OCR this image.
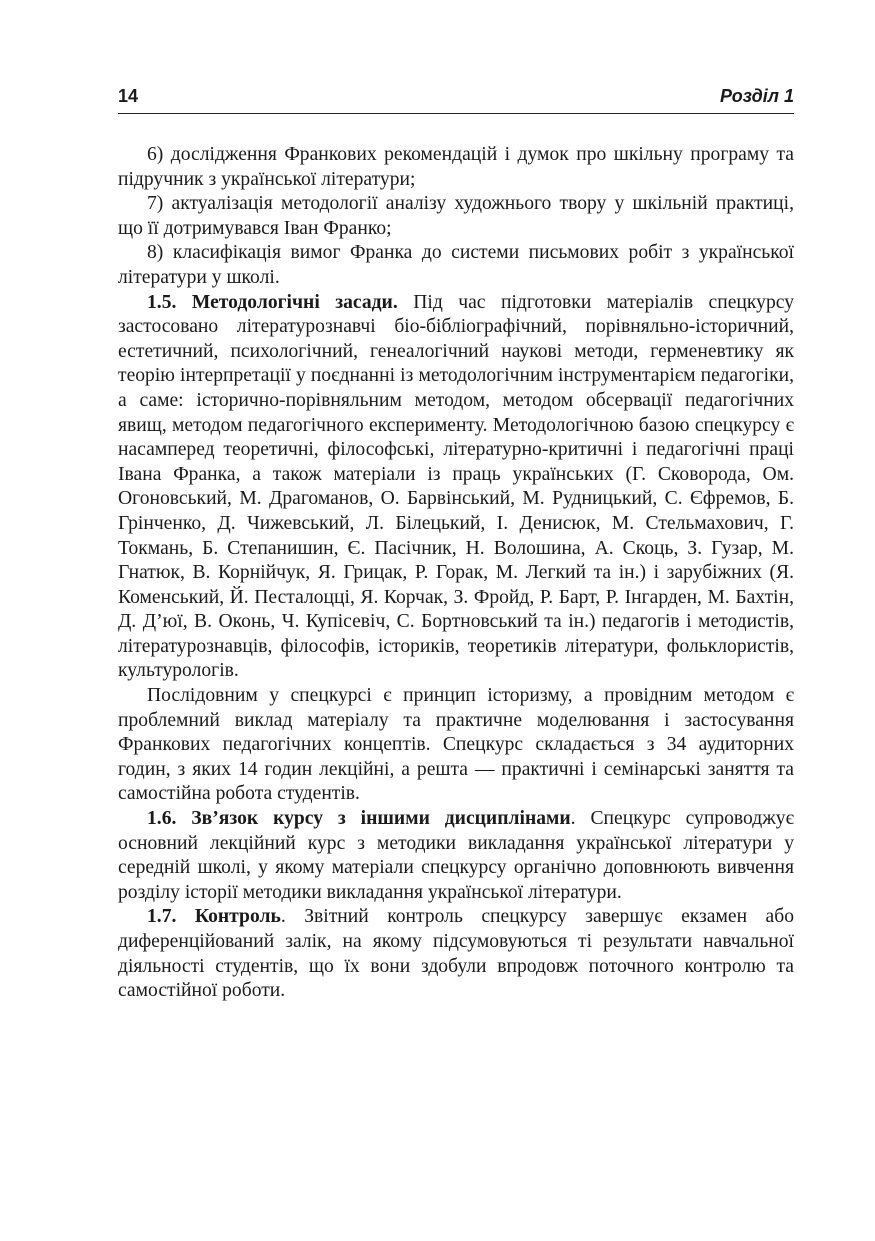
14	Розділ 1

6) дослідження Франкових рекомендацій і думок про шкільну програму та підручник з української літератури;

7) актуалізація методології аналізу художнього твору у шкільній практиці, що її дотримувався Іван Франко;

8) класифікація вимог Франка до системи письмових робіт з української літератури у школі.

1.5. Методологічні засади. Під час підготовки матеріалів спецкурсу застосовано літературознавчі біо-бібліографічний, порівняльно-історичний, естетичний, психологічний, генеалогічний наукові методи, герменевтику як теорію інтерпретації у поєднанні із методологічним інструментарієм педагогіки, а саме: історично-порівняльним методом, методом обсервації педагогічних явищ, методом педагогічного експерименту. Методологічною базою спецкурсу є насамперед теоретичні, філософські, літературно-критичні і педагогічні праці Івана Франка, а також матеріали із праць українських (Г. Сковорода, Ом. Огоновський, М. Драгоманов, О. Барвінський, М. Рудницький, С. Єфремов, Б. Грінченко, Д. Чижевський, Л. Білецький, І. Денисюк, М. Стельмахович, Г. Токмань, Б. Степанишин, Є. Пасічник, Н. Волошина, А. Скоць, З. Гузар, М. Гнатюк, В. Корнійчук, Я. Грицак, Р. Горак, М. Легкий та ін.) і зарубіжних (Я. Коменський, Й. Песталоцці, Я. Корчак, З. Фройд, Р. Барт, Р. Інгарден, М. Бахтін, Д. Д’юї, В. Оконь, Ч. Купісевіч, С. Бортновський та ін.) педагогів і методистів, літературознавців, філософів, істориків, теоретиків літератури, фольклористів, культурологів.

Послідовним у спецкурсі є принцип історизму, а провідним методом є проблемний виклад матеріалу та практичне моделювання і застосування Франкових педагогічних концептів. Спецкурс складається з 34 аудиторних годин, з яких 14 годин лекційні, а решта — практичні і семінарські заняття та самостійна робота студентів.

1.6. Зв’язок курсу з іншими дисциплінами. Спецкурс супроводжує основний лекційний курс з методики викладання української літератури у середній школі, у якому матеріали спецкурсу органічно доповнюють вивчення розділу історії методики викладання української літератури.

1.7. Контроль. Звітний контроль спецкурсу завершує екзамен або диференційований залік, на якому підсумовуються ті результати навчальної діяльності студентів, що їх вони здобули впродовж поточного контролю та самостійної роботи.
